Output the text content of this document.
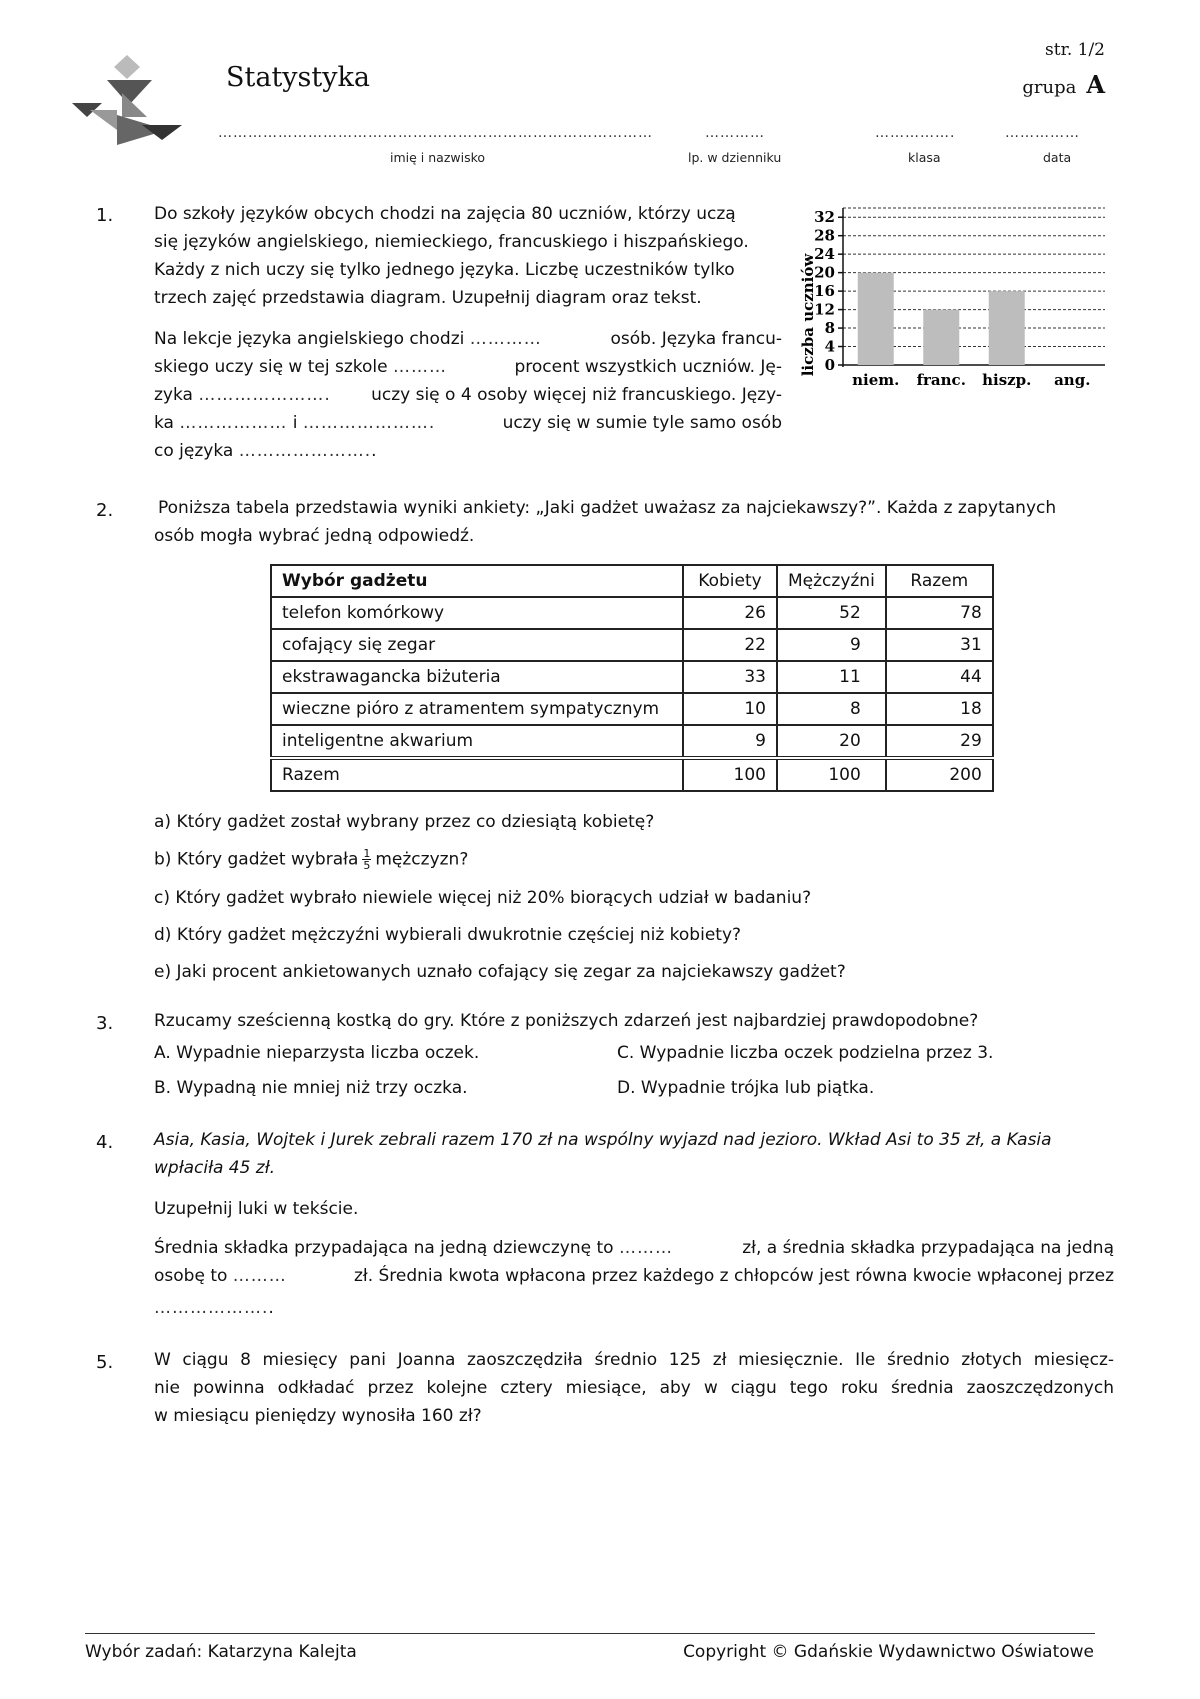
Statystyka
str. 1/2
grupa A
……………………………………………………………………………	…………	…………….	……………
imię i nazwisko	lp. w dzienniku	klasa	data
1. Do szkoły języków obcych chodzi na zajęcia 80 uczniów, którzy uczą
się języków angielskiego, niemieckiego, francuskiego i hiszpańskiego.
Każdy z nich uczy się tylko jednego języka. Liczbę uczestników tylko
trzech zajęć przedstawia diagram. Uzupełnij diagram oraz tekst.
Na lekcje języka angielskiego chodzi …………	osób. Języka francu-
skiego uczy się w tej szkole ………	procent wszystkich uczniów. Ję-
zyka …………………. uczy się o 4 osoby więcej niż francuskiego. Języ-
ka ……………… i ………………….	uczy się w sumie tyle samo osób
co języka …………………..
liczba uczniów 0
4
8
12
16
20
24
28
32
niem. franc. hiszp. ang.
2.	Poniższa tabela przedstawia wyniki ankiety: „Jaki gadżet uważasz za najciekawszy?”. Każda z zapytanych
osób mogła wybrać jedną odpowiedź.
Wybór gadżetu	Kobiety	Mężczyźni	Razem
telefon komórkowy	26	52	78
cofający się zegar	22	9	31
ekstrawagancka biżuteria	33	11	44
wieczne pióro z atramentem sympatycznym	10	8	18
inteligentne akwarium	9	20	29
Razem	100	100	200
a) Który gadżet został wybrany przez co dziesiątą kobietę?
b) Który gadżet wybrała $\frac{1}{5}$ mężczyzn?
c) Który gadżet wybrało niewiele więcej niż 20% biorących udział w badaniu?
d) Który gadżet mężczyźni wybierali dwukrotnie częściej niż kobiety?
e) Jaki procent ankietowanych uznało cofający się zegar za najciekawszy gadżet?
3. Rzucamy sześcienną kostką do gry. Które z poniższych zdarzeń jest najbardziej prawdopodobne?
A. Wypadnie nieparzysta liczba oczek.
B. Wypadną nie mniej niż trzy oczka.
C. Wypadnie liczba oczek podzielna przez 3.
D. Wypadnie trójka lub piątka.
4. Asia, Kasia, Wojtek i Jurek zebrali razem 170 zł na wspólny wyjazd nad jezioro. Wkład Asi to 35 zł, a Kasia
wpłaciła 45 zł.
Uzupełnij luki w tekście.
Średnia składka przypadająca na jedną dziewczynę to ………	zł, a średnia składka przypadająca na jedną
osobę to ………	zł. Średnia kwota wpłacona przez każdego z chłopców jest równa kwocie wpłaconej przez
………………..
5. W ciągu 8 miesięcy pani Joanna zaoszczędziła średnio 125 zł miesięcznie. Ile średnio złotych miesięcz-
nie powinna odkładać przez kolejne cztery miesiące, aby w ciągu tego roku średnia zaoszczędzonych
w miesiącu pieniędzy wynosiła 160 zł?
Wybór zadań: Katarzyna Kalejta	Copyright © Gdańskie Wydawnictwo Oświatowe
